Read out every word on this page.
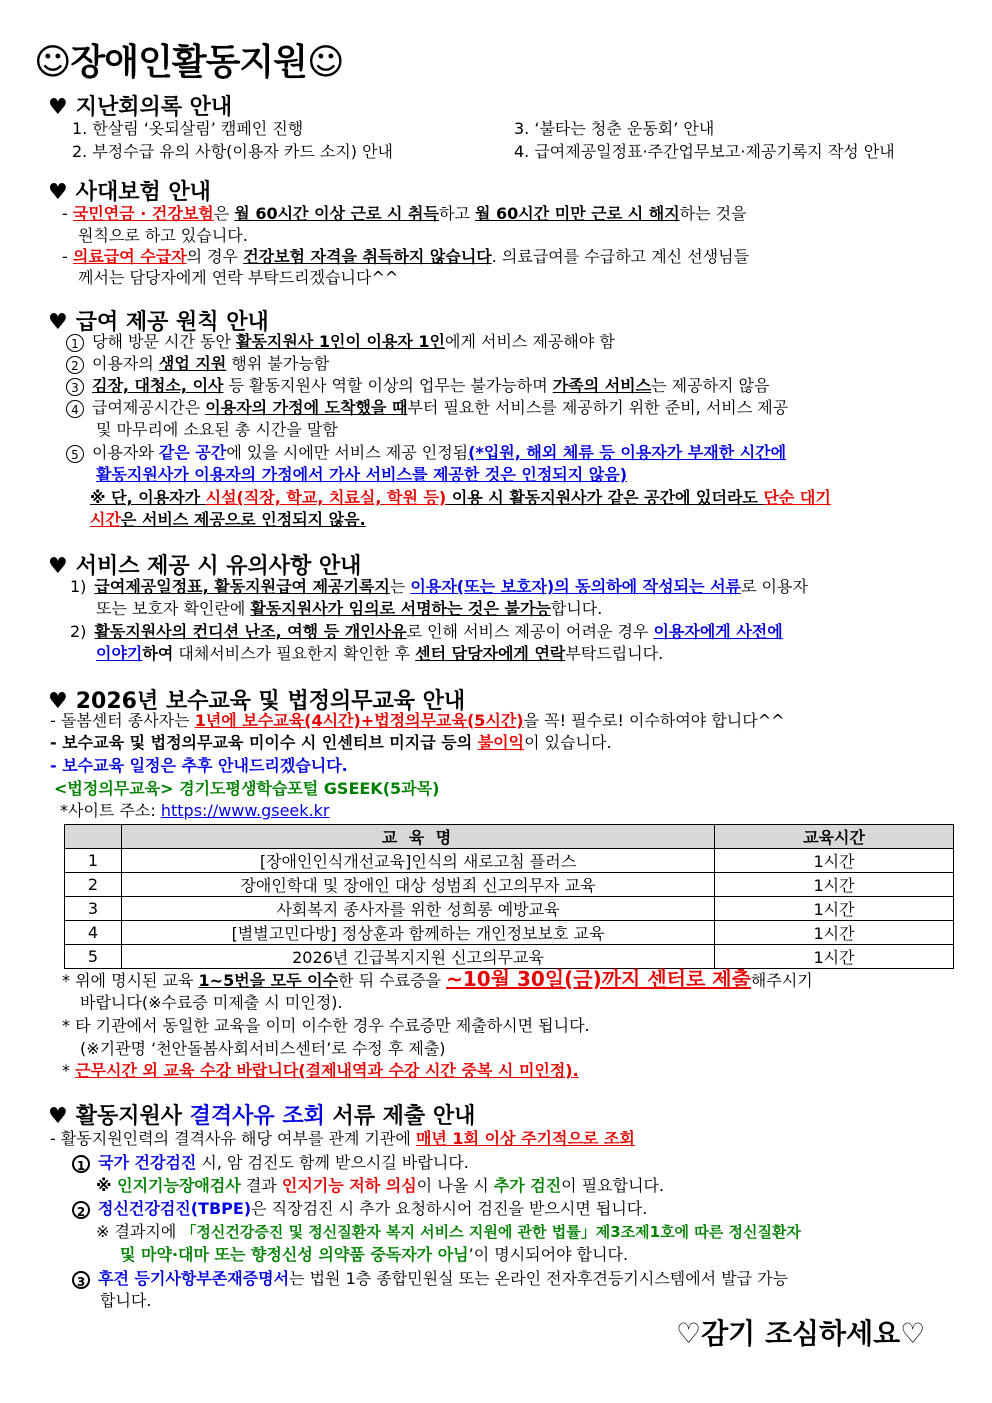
☺장애인활동지원☺
♥ 지난회의록 안내
1. 한살림 ‘옷되살림’ 캠페인 진행
2. 부정수급 유의 사항(이용자 카드 소지) 안내
3. ‘불타는 청춘 운동회’ 안내
4. 급여제공일정표·주간업무보고·제공기록지 작성 안내
♥ 사대보험 안내
- 국민연금 · 건강보험은 월 60시간 이상 근로 시 취득하고 월 60시간 미만 근로 시 해지하는 것을
원칙으로 하고 있습니다.
- 의료급여 수급자의 경우 건강보험 자격을 취득하지 않습니다. 의료급여를 수급하고 계신 선생님들
께서는 담당자에게 연락 부탁드리겠습니다^^
♥ 급여 제공 원칙 안내
1 당해 방문 시간 동안 활동지원사 1인이 이용자 1인에게 서비스 제공해야 함
2 이용자의 생업 지원 행위 불가능함
3 김장, 대청소, 이사 등 활동지원사 역할 이상의 업무는 불가능하며 가족의 서비스는 제공하지 않음
4 급여제공시간은 이용자의 가정에 도착했을 때부터 필요한 서비스를 제공하기 위한 준비, 서비스 제공
및 마무리에 소요된 총 시간을 말함
5 이용자와 같은 공간에 있을 시에만 서비스 제공 인정됨(*입원, 해외 체류 등 이용자가 부재한 시간에
활동지원사가 이용자의 가정에서 가사 서비스를 제공한 것은 인정되지 않음)
※ 단, 이용자가 시설(직장, 학교, 치료실, 학원 등) 이용 시 활동지원사가 같은 공간에 있더라도 단순 대기
시간은 서비스 제공으로 인정되지 않음.
♥ 서비스 제공 시 유의사항 안내
1) 급여제공일정표, 활동지원급여 제공기록지는 이용자(또는 보호자)의 동의하에 작성되는 서류로 이용자
또는 보호자 확인란에 활동지원사가 임의로 서명하는 것은 불가능합니다.
2) 활동지원사의 컨디션 난조, 여행 등 개인사유로 인해 서비스 제공이 어려운 경우 이용자에게 사전에
이야기하여 대체서비스가 필요한지 확인한 후 센터 담당자에게 연락부탁드립니다.
♥ 2026년 보수교육 및 법정의무교육 안내
- 돌봄센터 종사자는 1년에 보수교육(4시간)+법정의무교육(5시간)을 꼭! 필수로! 이수하여야 합니다^^
- 보수교육 및 법정의무교육 미이수 시 인센티브 미지급 등의 불이익이 있습니다.
- 보수교육 일정은 추후 안내드리겠습니다.
<법정의무교육> 경기도평생학습포털 GSEEK(5과목)
*사이트 주소: https://www.gseek.kr
	교 육 명	교육시간
1	[장애인인식개선교육]인식의 새로고침 플러스	1시간
2	장애인학대 및 장애인 대상 성범죄 신고의무자 교육	1시간
3	사회복지 종사자를 위한 성희롱 예방교육	1시간
4	[별별고민다방] 정상훈과 함께하는 개인정보보호 교육	1시간
5	2026년 긴급복지지원 신고의무교육	1시간
* 위에 명시된 교육 1~5번을 모두 이수한 뒤 수료증을 ~10월 30일(금)까지 센터로 제출해주시기
바랍니다(※수료증 미제출 시 미인정).
* 타 기관에서 동일한 교육을 이미 이수한 경우 수료증만 제출하시면 됩니다.
(※기관명 ‘천안돌봄사회서비스센터’로 수정 후 제출)
* 근무시간 외 교육 수강 바랍니다(결제내역과 수강 시간 중복 시 미인정).
♥ 활동지원사 결격사유 조회 서류 제출 안내
- 활동지원인력의 결격사유 해당 여부를 관계 기관에 매년 1회 이상 주기적으로 조회
1 국가 건강검진 시, 암 검진도 함께 받으시길 바랍니다.
※ 인지기능장애검사 결과 인지기능 저하 의심이 나올 시 추가 검진이 필요합니다.
2 정신건강검진(TBPE)은 직장검진 시 추가 요청하시어 검진을 받으시면 됩니다.
※ 결과지에 「정신건강증진 및 정신질환자 복지 서비스 지원에 관한 법률」제3조제1호에 따른 정신질환자
및 마약·대마 또는 향정신성 의약품 중독자가 아님’이 명시되어야 합니다.
3 후견 등기사항부존재증명서는 법원 1층 종합민원실 또는 온라인 전자후견등기시스템에서 발급 가능
합니다.
♡감기 조심하세요♡
